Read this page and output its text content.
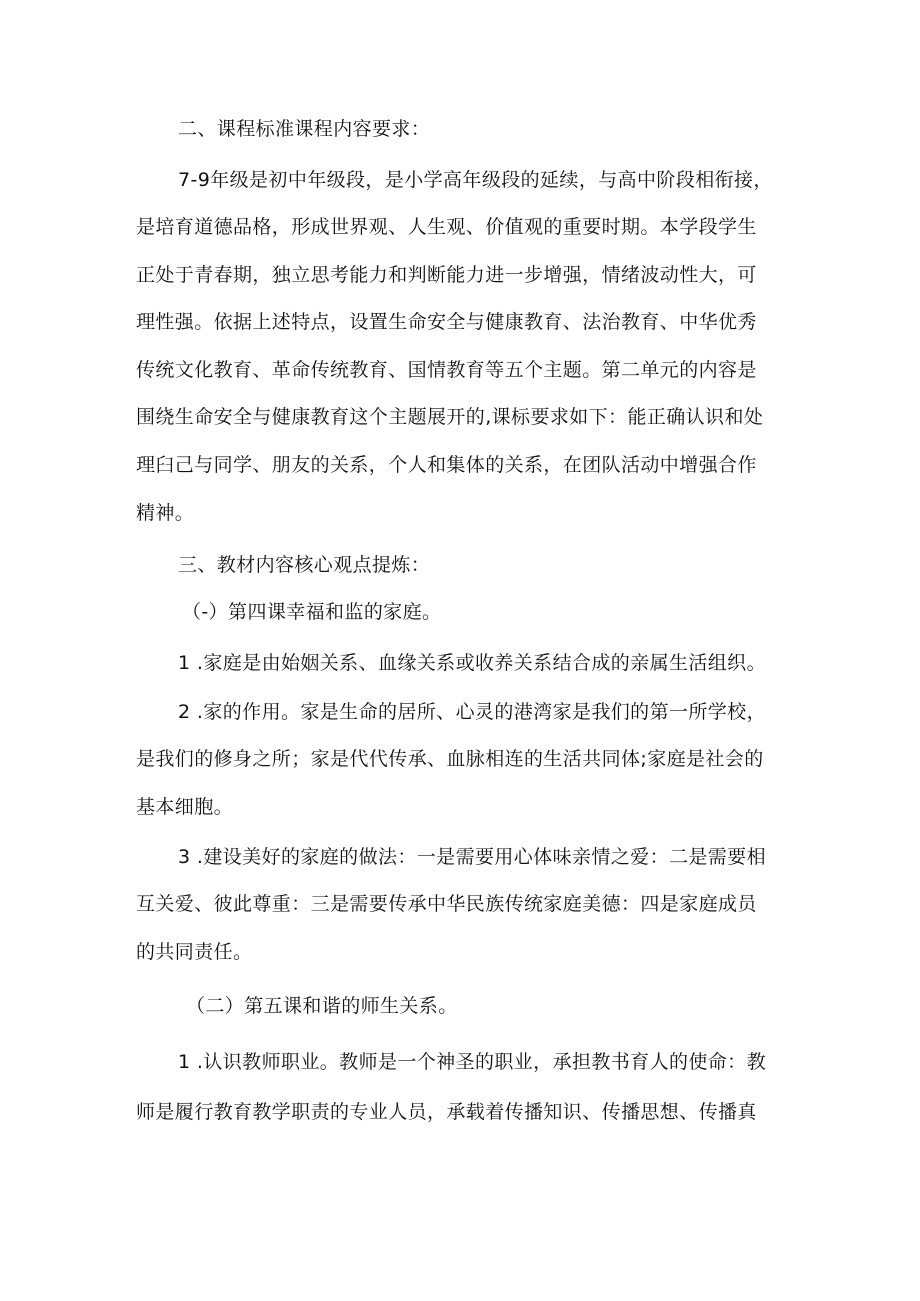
二、课程标准课程内容要求：
7-9年级是初中年级段，是小学高年级段的延续，与高中阶段相衔接，
是培育道德品格，形成世界观、人生观、价值观的重要时期。本学段学生
正处于青春期，独立思考能力和判断能力进一步增强，情绪波动性大，可
理性强。依据上述特点，设置生命安全与健康教育、法治教育、中华优秀
传统文化教育、革命传统教育、国情教育等五个主题。第二单元的内容是
围绕生命安全与健康教育这个主题展开的,课标要求如下：能正确认识和处
理臼己与同学、朋友的关系，个人和集体的关系，在团队活动中增强合作
精神。
三、教材内容核心观点提炼：
（-）第四课幸福和监的家庭。
1 .家庭是由始姻关系、血缘关系或收养关系结合成的亲属生活组织。
2 .家的作用。家是生命的居所、心灵的港湾家是我们的第一所学校，
是我们的修身之所；家是代代传承、血脉相连的生活共同体;家庭是社会的
基本细胞。
3 .建设美好的家庭的做法：一是需要用心体味亲情之爱：二是需要相
互关爱、彼此尊重：三是需要传承中华民族传统家庭美德：四是家庭成员
的共同责任。
（二）第五课和谐的师生关系。
1 .认识教师职业。教师是一个神圣的职业，承担教书育人的使命：教
师是履行教育教学职责的专业人员，承载着传播知识、传播思想、传播真
